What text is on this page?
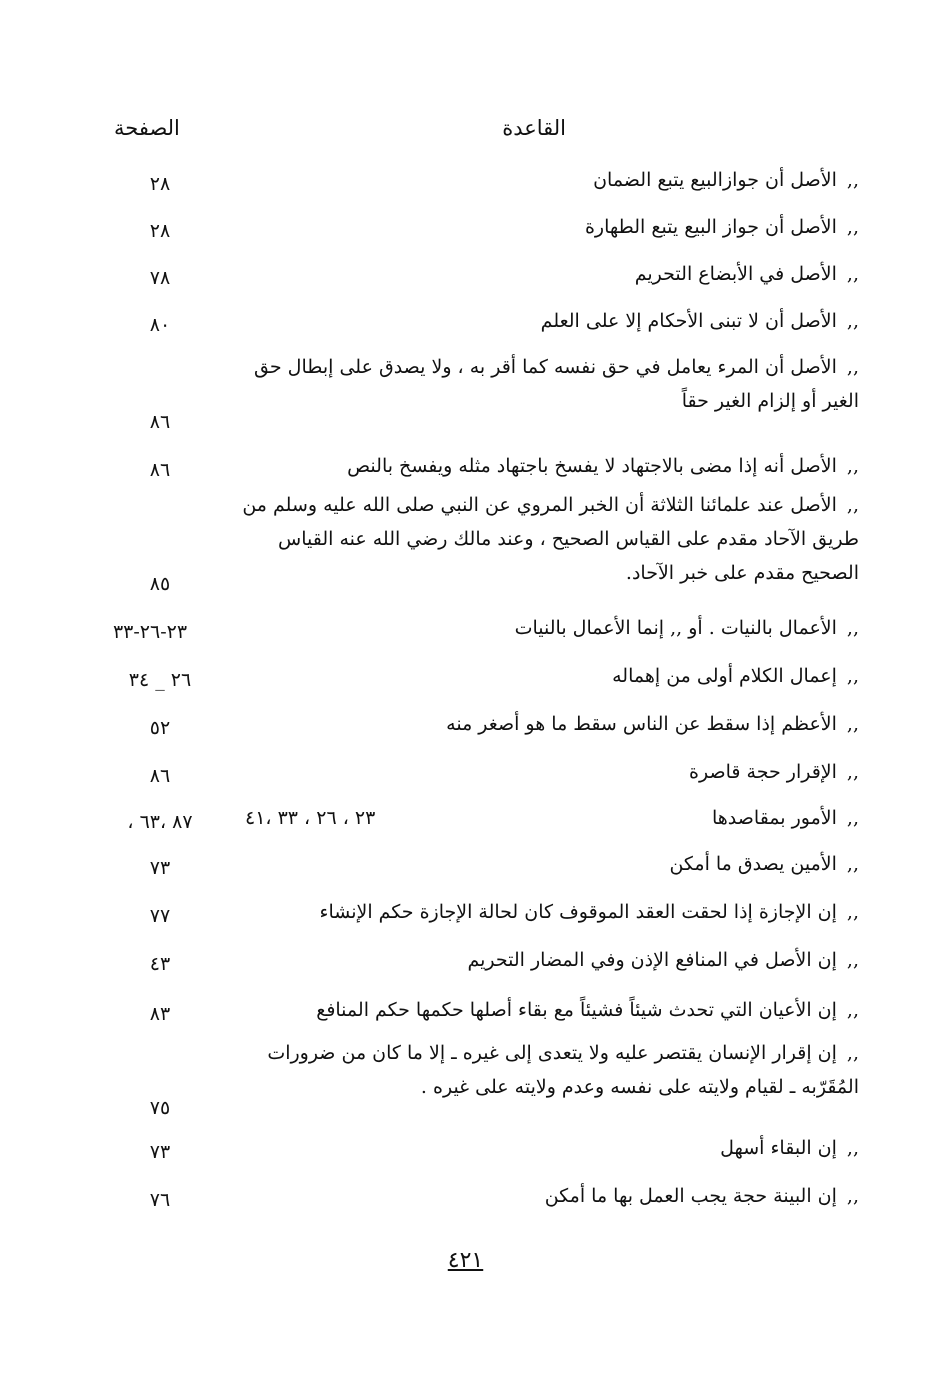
القاعدة
الصفحة
,,الأصل أن جوازالبيع يتبع الضمان
٢٨
,,الأصل أن جواز البيع يتبع الطهارة
٢٨
,,الأصل في الأبضاع التحريم
٧٨
,,الأصل أن لا تبنى الأحكام إلا على العلم
٨٠
,,الأصل أن المرء يعامل في حق نفسه كما أقر به ، ولا يصدق على إبطال حق الغير أو إلزام الغير حقاً
٨٦
,,الأصل أنه إذا مضى بالاجتهاد لا يفسخ باجتهاد مثله ويفسخ بالنص
٨٦
,,الأصل عند علمائنا الثلاثة أن الخبر المروي عن النبي صلى الله عليه وسلم من طريق الآحاد مقدم على القياس الصحيح ، وعند مالك رضي الله عنه القياس الصحيح مقدم على خبر الآحاد.
٨٥
,,الأعمال بالنيات . أو ,, إنما الأعمال بالنيات
٢٣-٢٦-٣٣
,,إعمال الكلام أولى من إهماله
٢٦ _ ٣٤
,,الأعظم إذا سقط عن الناس سقط ما هو أصغر منه
٥٢
,,الإقرار حجة قاصرة
٨٦
,,الأمور بمقاصدها
٢٣ ، ٢٦ ، ٣٣ ،٤١
٨٧ ،٦٣ ،
,,الأمين يصدق ما أمكن
٧٣
,,إن الإجازة إذا لحقت العقد الموقوف كان لحالة الإجازة حكم الإنشاء
٧٧
,,إن الأصل في المنافع الإذن وفي المضار التحريم
٤٣
,,إن الأعيان التي تحدث شيئاً فشيئاً مع بقاء أصلها حكمها حكم المنافع
٨٣
,,إن إقرار الإنسان يقتصر عليه ولا يتعدى إلى غيره ـ إلا ما كان من ضرورات المُقَرّبه ـ لقيام ولايته على نفسه وعدم ولايته على غيره .
٧٥
,,إن البقاء أسهل
٧٣
,,إن البينة حجة يجب العمل بها ما أمكن
٧٦
٤٢١
